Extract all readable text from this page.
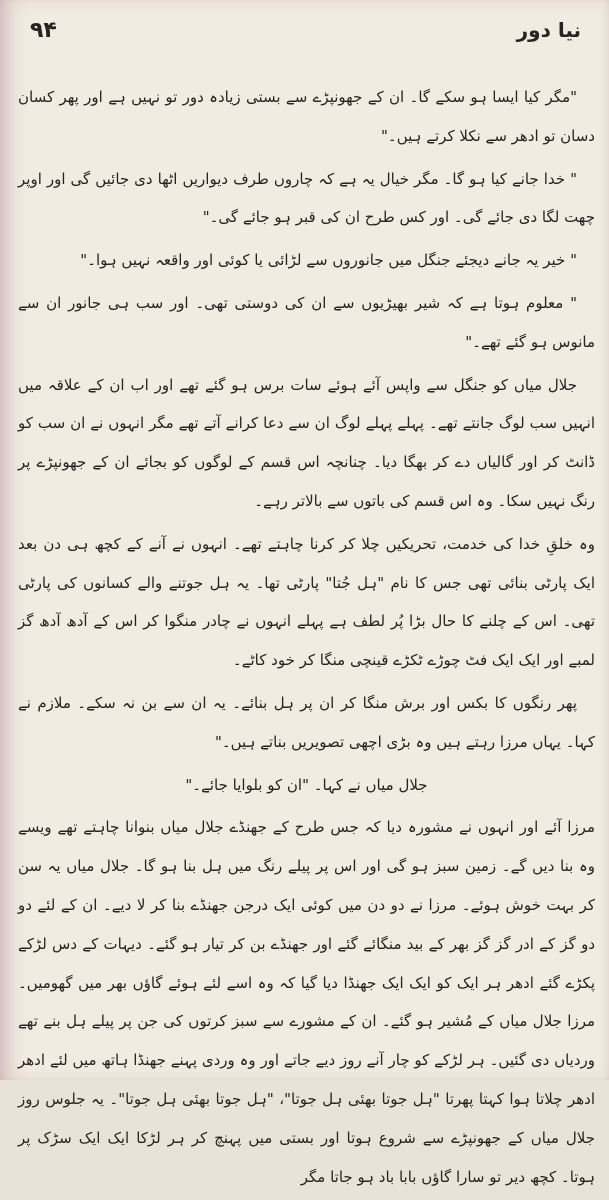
نیا دور
۹۴

"مگر کیا ایسا ہو سکے گا۔ ان کے جھونپڑے سے بستی زیادہ دور تو نہیں ہے اور پھر کسان دسان تو ادھر سے نکلا کرتے ہیں۔"

" خدا جانے کیا ہو گا۔ مگر خیال یہ ہے کہ چاروں طرف دیواریں اٹھا دی جائیں گی اور اوپر چھت لگا دی جائے گی۔ اور کس طرح ان کی قبر ہو جائے گی۔"

" خیر یہ جانے دیجئے جنگل میں جانوروں سے لڑائی یا کوئی اور واقعہ نہیں ہوا۔"

" معلوم ہوتا ہے کہ شیر بھیڑیوں سے ان کی دوستی تھی۔ اور سب ہی جانور ان سے مانوس ہو گئے تھے۔"

جلال میاں کو جنگل سے واپس آئے ہوئے سات برس ہو گئے تھے اور اب ان کے علاقہ میں انہیں سب لوگ جانتے تھے۔ پہلے پہلے لوگ ان سے دعا کرانے آتے تھے مگر انہوں نے ان سب کو ڈانٹ کر اور گالیاں دے کر بھگا دیا۔ چنانچہ اس قسم کے لوگوں کو بجائے ان کے جھونپڑے پر رنگ نہیں سکا۔ وہ اس قسم کی باتوں سے بالاتر رہے۔

وہ خلقِ خدا کی خدمت، تحریکیں چلا کر کرنا چاہتے تھے۔ انہوں نے آنے کے کچھ ہی دن بعد ایک پارٹی بنائی تھی جس کا نام "ہل جُتا" پارٹی تھا۔ یہ ہل جوتنے والے کسانوں کی پارٹی تھی۔ اس کے چلنے کا حال بڑا پُر لطف ہے پہلے انہوں نے چادر منگوا کر اس کے آدھ آدھ گز لمبے اور ایک ایک فٹ چوڑے ٹکڑے قینچی منگا کر خود کاٹے۔

پھر رنگوں کا بکس اور برش منگا کر ان پر ہل بنائے۔ یہ ان سے بن نہ سکے۔ ملازم نے کہا۔ یہاں مرزا رہتے ہیں وہ بڑی اچھی تصویریں بناتے ہیں۔"

جلال میاں نے کہا۔ "ان کو بلوایا جائے۔"

مرزا آئے اور انہوں نے مشورہ دیا کہ جس طرح کے جھنڈے جلال میاں بنوانا چاہتے تھے ویسے وہ بنا دیں گے۔ زمین سبز ہو گی اور اس پر پیلے رنگ میں ہل بنا ہو گا۔ جلال میاں یہ سن کر بہت خوش ہوئے۔ مرزا نے دو دن میں کوئی ایک درجن جھنڈے بنا کر لا دیے۔ ان کے لئے دو دو گز کے ادر گز گز بھر کے بید منگائے گئے اور جھنڈے بن کر تیار ہو گئے۔ دیہات کے دس لڑکے پکڑے گئے ادھر ہر ایک کو ایک ایک جھنڈا دیا گیا کہ وہ اسے لئے ہوئے گاؤں بھر میں گھومیں۔ مرزا جلال میاں کے مُشیر ہو گئے۔ ان کے مشورے سے سبز کرتوں کی جن پر پیلے ہل بنے تھے وردیاں دی گئیں۔ ہر لڑکے کو چار آنے روز دیے جاتے اور وہ وردی پہنے جھنڈا ہاتھ میں لئے ادھر ادھر چلاتا ہوا کہتا پھرتا "ہل جوتا بھئی ہل جوتا"، "ہل جوتا بھئی ہل جوتا"۔ یہ جلوس روز جلال میاں کے جھونپڑے سے شروع ہوتا اور بستی میں پہنچ کر ہر لڑکا ایک ایک سڑک پر ہوتا۔ کچھ دیر تو سارا گاؤں بابا باد ہو جاتا مگر
